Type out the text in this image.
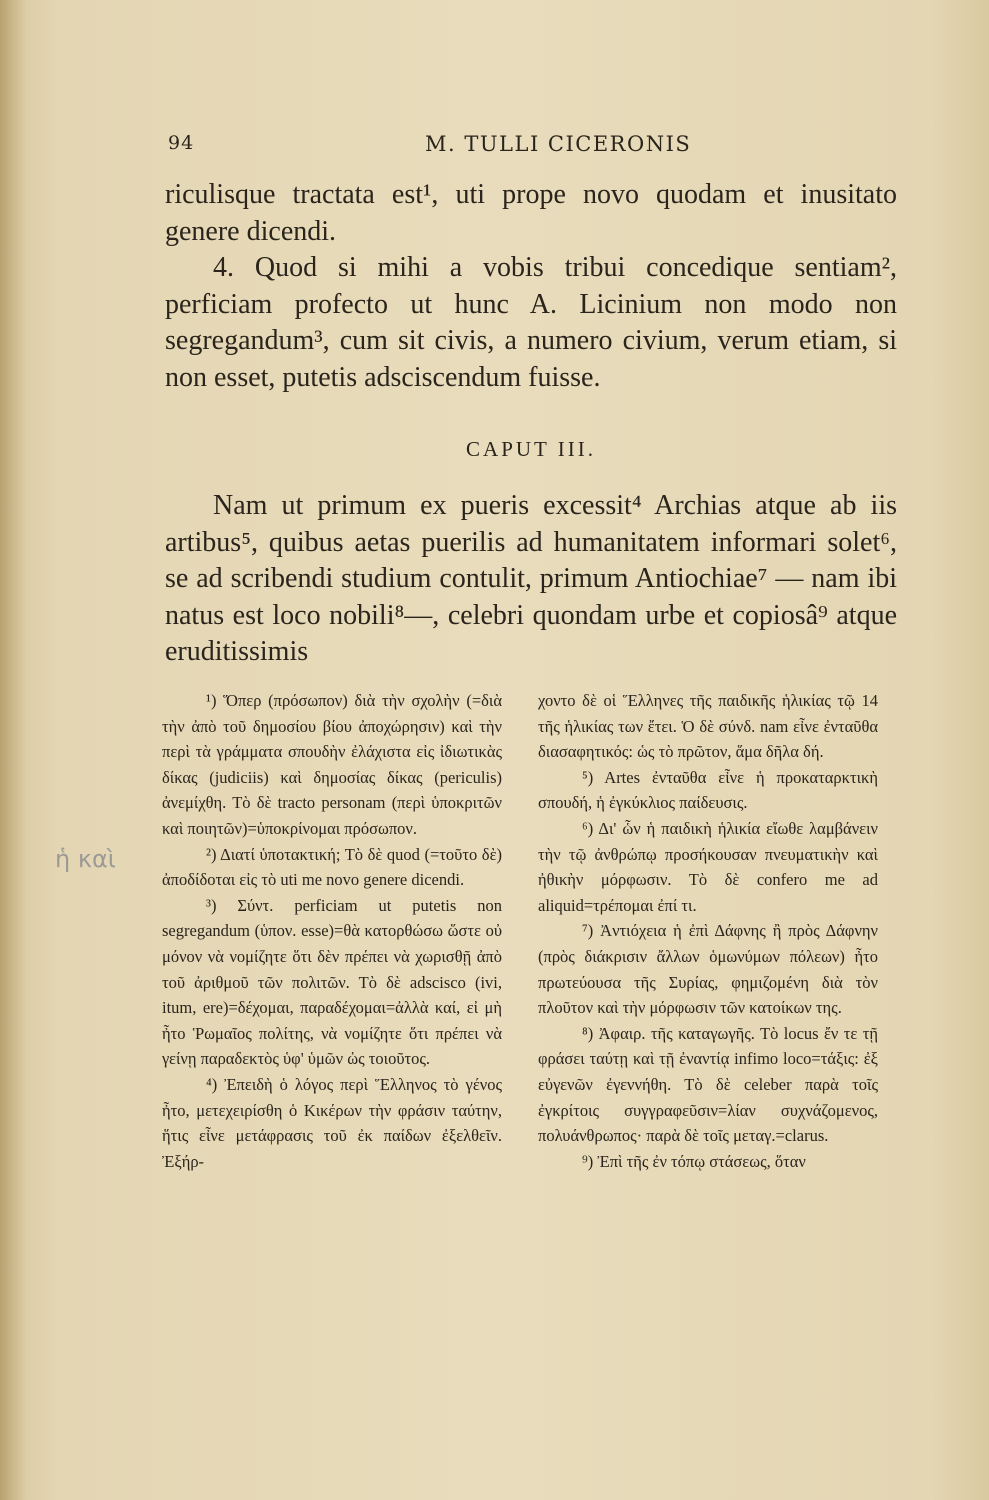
94	M. TULLI CICERONIS

riculisque tractata est¹, uti prope novo quodam et inusitato genere dicendi.

4. Quod si mihi a vobis tribui concedique sentiam², perficiam profecto ut hunc A. Licinium non modo non segregandum³, cum sit civis, a numero civium, verum etiam, si non esset, putetis adsciscendum fuisse.

CAPUT III.

Nam ut primum ex pueris excessit⁴ Archias atque ab iis artibus⁵, quibus aetas puerilis ad humanitatem informari solet⁶, se ad scribendi studium contulit, primum Antiochiae⁷ — nam ibi natus est loco nobili⁸—, celebri quondam urbe et copiosâ⁹ atque eruditissimis

¹) Ὅπερ (πρόσωπον) διὰ τὴν σχολὴν (=διὰ τὴν ἀπὸ τοῦ δημοσίου βίου ἀποχώρησιν) καὶ τὴν περὶ τὰ γράμματα σπουδὴν ἐλάχιστα εἰς ἰδιωτικὰς δίκας (judiciis) καὶ δημοσίας δίκας (periculis) ἀνεμίχθη. Τὸ δὲ tracto personam (περὶ ὑποκριτῶν καὶ ποιητῶν)=ὑποκρίνομαι πρόσωπον.

²) Διατί ὑποτακτική; Τὸ δὲ quod (=τοῦτο δὲ) ἀποδίδοται εἰς τὸ uti me novo genere dicendi.

³) Σύντ. perficiam ut putetis non segregandum (ὑπον. esse)=θὰ κατορθώσω ὥστε οὐ μόνον νὰ νομίζητε ὅτι δὲν πρέπει νὰ χωρισθῇ ἀπὸ τοῦ ἀριθμοῦ τῶν πολιτῶν. Τὸ δὲ adscisco (ivi, itum, ere)=δέχομαι, παραδέχομαι=ἀλλὰ καί, εἰ μὴ ἦτο Ῥωμαῖος πολίτης, νὰ νομίζητε ὅτι πρέπει νὰ γείνῃ παραδεκτὸς ὑφ' ὑμῶν ὡς τοιοῦτος.

⁴) Ἐπειδὴ ὁ λόγος περὶ Ἕλληνος τὸ γένος ἦτο, μετεχειρίσθη ὁ Κικέρων τὴν φράσιν ταύτην, ἥτις εἶνε μετάφρασις τοῦ ἐκ παίδων ἐξελθεῖν. Ἐξήρ-

χοντο δὲ οἱ Ἕλληνες τῆς παιδικῆς ἡλικίας τῷ 14 τῆς ἡλικίας των ἔτει. Ὁ δὲ σύνδ. nam εἶνε ἐνταῦθα διασαφητικός: ὡς τὸ πρῶτον, ἅμα δῆλα δή.

⁵) Artes ἐνταῦθα εἶνε ἡ προκαταρκτικὴ σπουδή, ἡ ἐγκύκλιος παίδευσις.

⁶) Δι' ὧν ἡ παιδικὴ ἡλικία εἴωθε λαμβάνειν τὴν τῷ ἀνθρώπῳ προσήκουσαν πνευματικὴν καὶ ἠθικὴν μόρφωσιν. Τὸ δὲ confero me ad aliquid=τρέπομαι ἐπί τι.

⁷) Ἀντιόχεια ἡ ἐπὶ Δάφνης ἢ πρὸς Δάφνην (πρὸς διάκρισιν ἄλλων ὁμωνύμων πόλεων) ἦτο πρωτεύουσα τῆς Συρίας, φημιζομένη διὰ τὸν πλοῦτον καὶ τὴν μόρφωσιν τῶν κατοίκων της.

⁸) Ἀφαιρ. τῆς καταγωγῆς. Τὸ locus ἔν τε τῇ φράσει ταύτῃ καὶ τῇ ἐναντίᾳ infimo loco=τάξις: ἐξ εὐγενῶν ἐγεννήθη. Τὸ δὲ celeber παρὰ τοῖς ἐγκρίτοις συγγραφεῦσιν=λίαν συχνάζομενος, πολυάνθρωπος· παρὰ δὲ τοῖς μεταγ.=clarus.

⁹) Ἐπὶ τῆς ἐν τόπῳ στάσεως, ὅταν

ἡ καὶ
